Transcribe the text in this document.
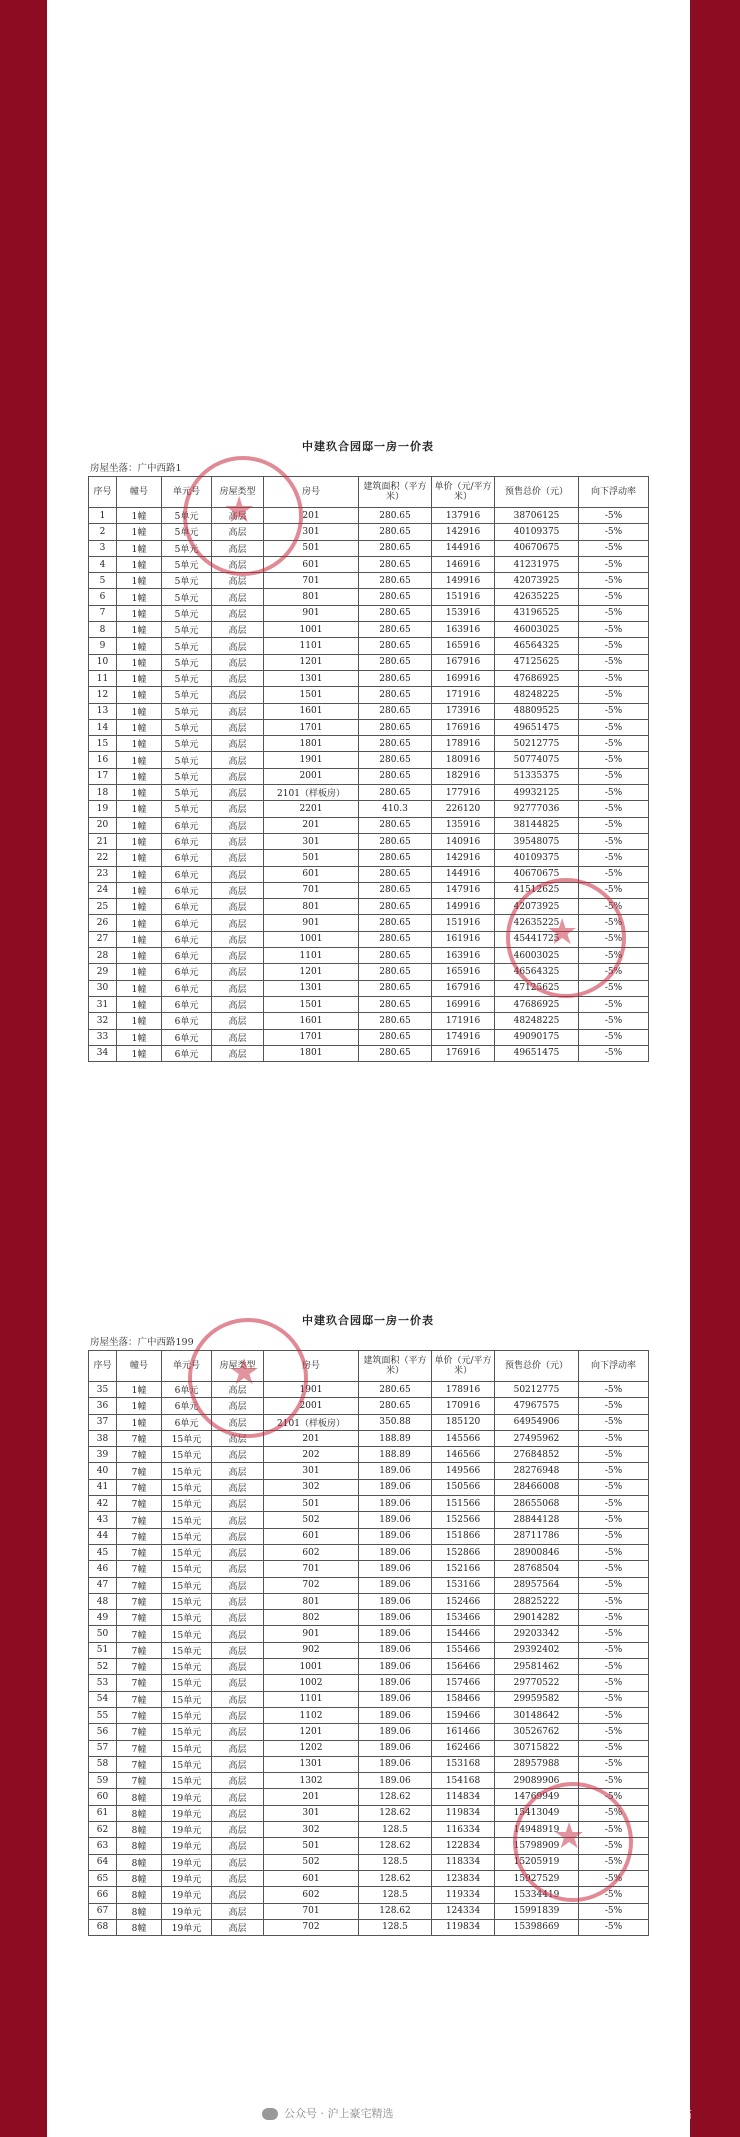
中建玖合园邸一房一价表
房屋坐落：广中西路1
序号	幢号	单元号	房屋类型	房号	建筑面积（平方米）	单价（元/平方米）	预售总价（元）	向下浮动率
1	1幢	5单元	高层	201	280.65	137916	38706125	-5%
2	1幢	5单元	高层	301	280.65	142916	40109375	-5%
3	1幢	5单元	高层	501	280.65	144916	40670675	-5%
4	1幢	5单元	高层	601	280.65	146916	41231975	-5%
5	1幢	5单元	高层	701	280.65	149916	42073925	-5%
6	1幢	5单元	高层	801	280.65	151916	42635225	-5%
7	1幢	5单元	高层	901	280.65	153916	43196525	-5%
8	1幢	5单元	高层	1001	280.65	163916	46003025	-5%
9	1幢	5单元	高层	1101	280.65	165916	46564325	-5%
10	1幢	5单元	高层	1201	280.65	167916	47125625	-5%
11	1幢	5单元	高层	1301	280.65	169916	47686925	-5%
12	1幢	5单元	高层	1501	280.65	171916	48248225	-5%
13	1幢	5单元	高层	1601	280.65	173916	48809525	-5%
14	1幢	5单元	高层	1701	280.65	176916	49651475	-5%
15	1幢	5单元	高层	1801	280.65	178916	50212775	-5%
16	1幢	5单元	高层	1901	280.65	180916	50774075	-5%
17	1幢	5单元	高层	2001	280.65	182916	51335375	-5%
18	1幢	5单元	高层	2101（样板房）	280.65	177916	49932125	-5%
19	1幢	5单元	高层	2201	410.3	226120	92777036	-5%
20	1幢	6单元	高层	201	280.65	135916	38144825	-5%
21	1幢	6单元	高层	301	280.65	140916	39548075	-5%
22	1幢	6单元	高层	501	280.65	142916	40109375	-5%
23	1幢	6单元	高层	601	280.65	144916	40670675	-5%
24	1幢	6单元	高层	701	280.65	147916	41512625	-5%
25	1幢	6单元	高层	801	280.65	149916	42073925	-5%
26	1幢	6单元	高层	901	280.65	151916	42635225	-5%
27	1幢	6单元	高层	1001	280.65	161916	45441725	-5%
28	1幢	6单元	高层	1101	280.65	163916	46003025	-5%
29	1幢	6单元	高层	1201	280.65	165916	46564325	-5%
30	1幢	6单元	高层	1301	280.65	167916	47125625	-5%
31	1幢	6单元	高层	1501	280.65	169916	47686925	-5%
32	1幢	6单元	高层	1601	280.65	171916	48248225	-5%
33	1幢	6单元	高层	1701	280.65	174916	49090175	-5%
34	1幢	6单元	高层	1801	280.65	176916	49651475	-5%
★
★
中建玖合园邸一房一价表
房屋坐落：广中西路199
序号	幢号	单元号	房屋类型	房号	建筑面积（平方米）	单价（元/平方米）	预售总价（元）	向下浮动率
35	1幢	6单元	高层	1901	280.65	178916	50212775	-5%
36	1幢	6单元	高层	2001	280.65	170916	47967575	-5%
37	1幢	6单元	高层	2101（样板房）	350.88	185120	64954906	-5%
38	7幢	15单元	高层	201	188.89	145566	27495962	-5%
39	7幢	15单元	高层	202	188.89	146566	27684852	-5%
40	7幢	15单元	高层	301	189.06	149566	28276948	-5%
41	7幢	15单元	高层	302	189.06	150566	28466008	-5%
42	7幢	15单元	高层	501	189.06	151566	28655068	-5%
43	7幢	15单元	高层	502	189.06	152566	28844128	-5%
44	7幢	15单元	高层	601	189.06	151866	28711786	-5%
45	7幢	15单元	高层	602	189.06	152866	28900846	-5%
46	7幢	15单元	高层	701	189.06	152166	28768504	-5%
47	7幢	15单元	高层	702	189.06	153166	28957564	-5%
48	7幢	15单元	高层	801	189.06	152466	28825222	-5%
49	7幢	15单元	高层	802	189.06	153466	29014282	-5%
50	7幢	15单元	高层	901	189.06	154466	29203342	-5%
51	7幢	15单元	高层	902	189.06	155466	29392402	-5%
52	7幢	15单元	高层	1001	189.06	156466	29581462	-5%
53	7幢	15单元	高层	1002	189.06	157466	29770522	-5%
54	7幢	15单元	高层	1101	189.06	158466	29959582	-5%
55	7幢	15单元	高层	1102	189.06	159466	30148642	-5%
56	7幢	15单元	高层	1201	189.06	161466	30526762	-5%
57	7幢	15单元	高层	1202	189.06	162466	30715822	-5%
58	7幢	15单元	高层	1301	189.06	153168	28957988	-5%
59	7幢	15单元	高层	1302	189.06	154168	29089906	-5%
60	8幢	19单元	高层	201	128.62	114834	14769949	-5%
61	8幢	19单元	高层	301	128.62	119834	15413049	-5%
62	8幢	19单元	高层	302	128.5	116334	14948919	-5%
63	8幢	19单元	高层	501	128.62	122834	15798909	-5%
64	8幢	19单元	高层	502	128.5	118334	15205919	-5%
65	8幢	19单元	高层	601	128.62	123834	15927529	-5%
66	8幢	19单元	高层	602	128.5	119334	15334419	-5%
67	8幢	19单元	高层	701	128.62	124334	15991839	-5%
68	8幢	19单元	高层	702	128.5	119834	15398669	-5%
★
★
公众号 · 沪上豪宅精选	搜狐号@搜狐焦点天门站
